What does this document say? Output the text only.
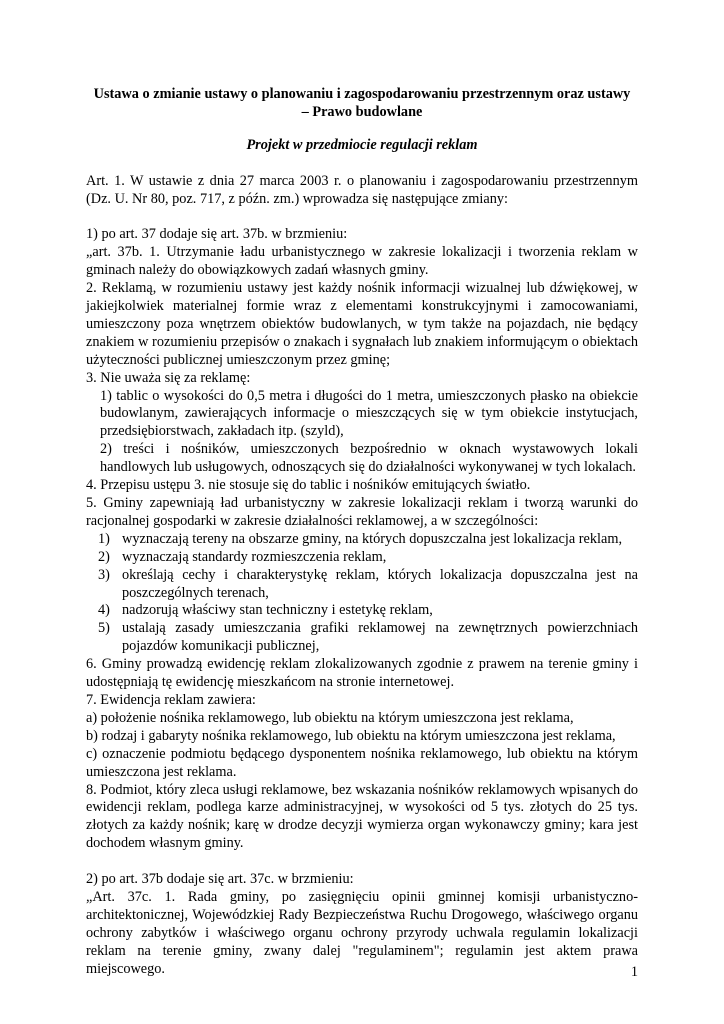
Ustawa o zmianie ustawy o planowaniu i zagospodarowaniu przestrzennym oraz ustawy
– Prawo budowlane
Projekt w przedmiocie regulacji reklam

Art. 1. W ustawie z dnia 27 marca 2003 r. o planowaniu i zagospodarowaniu przestrzennym (Dz. U. Nr 80, poz. 717, z późn. zm.) wprowadza się następujące zmiany:

1) po art. 37 dodaje się art. 37b. w brzmieniu:

„art. 37b. 1. Utrzymanie ładu urbanistycznego w zakresie lokalizacji i tworzenia reklam w gminach należy do obowiązkowych zadań własnych gminy.

2. Reklamą, w rozumieniu ustawy jest każdy nośnik informacji wizualnej lub dźwiękowej, w jakiejkolwiek materialnej formie wraz z elementami konstrukcyjnymi i zamocowaniami, umieszczony poza wnętrzem obiektów budowlanych, w tym także na pojazdach, nie będący znakiem w rozumieniu przepisów o znakach i sygnałach lub znakiem informującym o obiektach użyteczności publicznej umieszczonym przez gminę;

3. Nie uważa się za reklamę:

1) tablic o wysokości do 0,5 metra i długości do 1 metra, umieszczonych płasko na obiekcie budowlanym, zawierających informacje o mieszczących się w tym obiekcie instytucjach, przedsiębiorstwach, zakładach itp. (szyld),

2) treści i nośników, umieszczonych bezpośrednio w oknach wystawowych lokali handlowych lub usługowych, odnoszących się do działalności wykonywanej w tych lokalach.

4. Przepisu ustępu 3. nie stosuje się do tablic i nośników emitujących światło.

5. Gminy zapewniają ład urbanistyczny w zakresie lokalizacji reklam i tworzą warunki do racjonalnej gospodarki w zakresie działalności reklamowej, a w szczególności:

1) wyznaczają tereny na obszarze gminy, na których dopuszczalna jest lokalizacja reklam,
2) wyznaczają standardy rozmieszczenia reklam,
3) określają cechy i charakterystykę reklam, których lokalizacja dopuszczalna jest na poszczególnych terenach,
4) nadzorują właściwy stan techniczny i estetykę reklam,
5) ustalają zasady umieszczania grafiki reklamowej na zewnętrznych powierzchniach pojazdów komunikacji publicznej,

6. Gminy prowadzą ewidencję reklam zlokalizowanych zgodnie z prawem na terenie gminy i udostępniają tę ewidencję mieszkańcom na stronie internetowej.

7. Ewidencja reklam zawiera:

a) położenie nośnika reklamowego, lub obiektu na którym umieszczona jest reklama,

b) rodzaj i gabaryty nośnika reklamowego, lub obiektu na którym umieszczona jest reklama,

c) oznaczenie podmiotu będącego dysponentem nośnika reklamowego, lub obiektu na którym umieszczona jest reklama.

8. Podmiot, który zleca usługi reklamowe, bez wskazania nośników reklamowych wpisanych do ewidencji reklam, podlega karze administracyjnej, w wysokości od 5 tys. złotych do 25 tys. złotych za każdy nośnik; karę w drodze decyzji wymierza organ wykonawczy gminy; kara jest dochodem własnym gminy.

2) po art. 37b dodaje się art. 37c. w brzmieniu:

„Art. 37c. 1. Rada gminy, po zasięgnięciu opinii gminnej komisji urbanistyczno-architektonicznej, Wojewódzkiej Rady Bezpieczeństwa Ruchu Drogowego, właściwego organu ochrony zabytków i właściwego organu ochrony przyrody uchwala regulamin lokalizacji reklam na terenie gminy, zwany dalej "regulaminem"; regulamin jest aktem prawa miejscowego.	1
